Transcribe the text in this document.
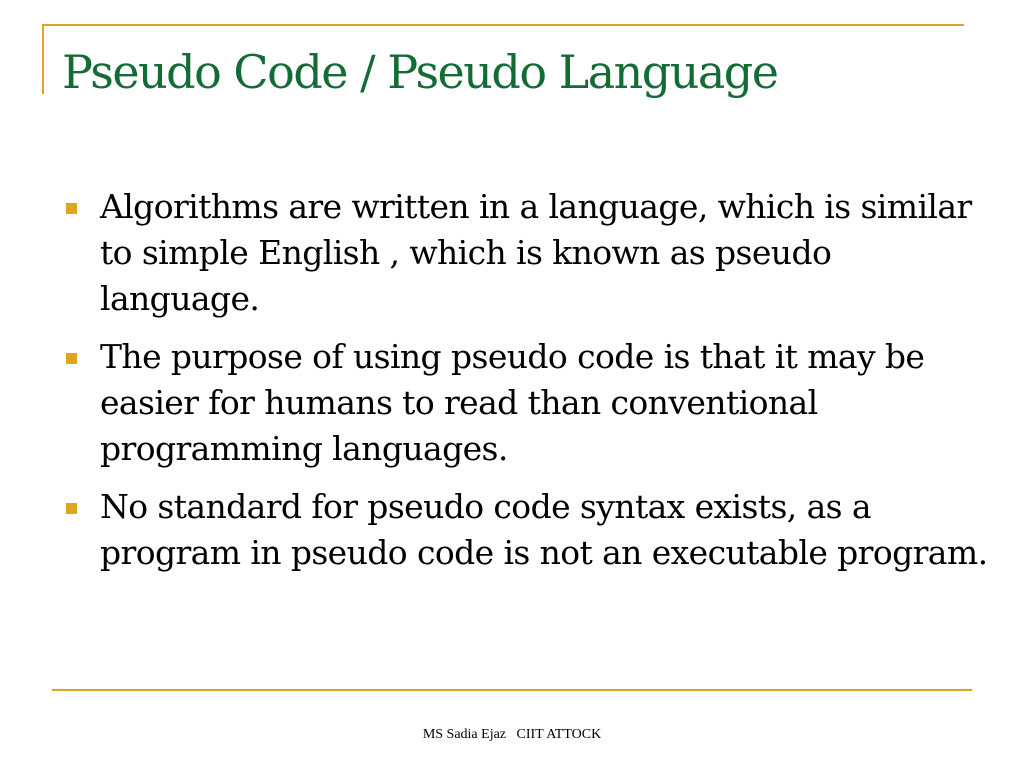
Pseudo Code / Pseudo Language
Algorithms are written in a language, which is similar to simple English , which is known as pseudo language.
The purpose of using pseudo code is that it may be easier for humans to read than conventional programming languages.
No standard for pseudo code syntax exists, as a program in pseudo code is not an executable program.
MS Sadia Ejaz   CIIT ATTOCK
